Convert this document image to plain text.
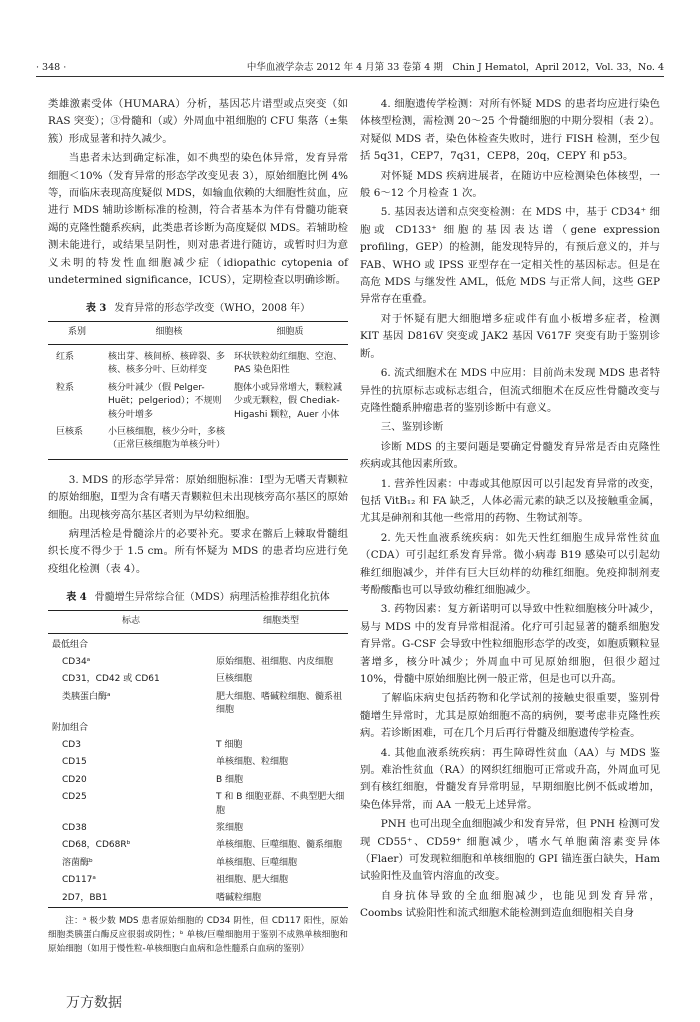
· 348 ·	中华血液学杂志 2012 年 4 月第 33 卷第 4 期　Chin J Hematol，April 2012，Vol. 33，No. 4

类雄激素受体（HUMARA）分析，基因芯片谱型或点突变（如 RAS 突变）；③骨髓和（或）外周血中祖细胞的 CFU 集落（±集簇）形成显著和持久减少。

当患者未达到确定标准，如不典型的染色体异常，发育异常细胞＜10%（发育异常的形态学改变见表 3），原始细胞比例 4% 等，而临床表现高度疑似 MDS，如输血依赖的大细胞性贫血，应进行 MDS 辅助诊断标准的检测，符合者基本为伴有骨髓功能衰竭的克隆性髓系疾病，此类患者诊断为高度疑似 MDS。若辅助检测未能进行，或结果呈阴性，则对患者进行随访，或暂时归为意义未明的特发性血细胞减少症（idiopathic cytopenia of undetermined significance，ICUS），定期检查以明确诊断。

表 3 发育异常的形态学改变（WHO，2008 年）
系别	细胞核	细胞质
红系	核出芽、核间桥、核碎裂、多核、核多分叶、巨幼样变	环状铁粒幼红细胞、空泡、PAS 染色阳性
粒系	核分叶减少（假 Pelger-Huët；pelgeriod）；不规则核分叶增多	胞体小或异常增大，颗粒减少或无颗粒，假 Chediak-Higashi 颗粒，Auer 小体
巨核系	小巨核细胞，核少分叶，多核（正常巨核细胞为单核分叶）	

3. MDS 的形态学异常：原始细胞标准：Ⅰ型为无嗜天青颗粒的原始细胞，Ⅱ型为含有嗜天青颗粒但未出现核旁高尔基区的原始细胞。出现核旁高尔基区者则为早幼粒细胞。

病理活检是骨髓涂片的必要补充。要求在髂后上棘取骨髓组织长度不得少于 1.5 cm。所有怀疑为 MDS 的患者均应进行免疫组化检测（表 4）。

表 4 骨髓增生异常综合征（MDS）病理活检推荐组化抗体
标志	细胞类型
最低组合	
CD34ᵃ	原始细胞、祖细胞、内皮细胞
CD31，CD42 或 CD61	巨核细胞
类胰蛋白酶ᵃ	肥大细胞、嗜碱粒细胞、髓系祖细胞
附加组合	
CD3	T 细胞
CD15	单核细胞、粒细胞
CD20	B 细胞
CD25	T 和 B 细胞亚群、不典型肥大细胞
CD38	浆细胞
CD68，CD68Rᵇ	单核细胞、巨噬细胞、髓系细胞
溶菌酶ᵇ	单核细胞、巨噬细胞
CD117ᵃ	祖细胞、肥大细胞
2D7，BB1	嗜碱粒细胞

注：ᵃ 极少数 MDS 患者原始细胞的 CD34 阴性，但 CD117 阳性，原始细胞类胰蛋白酶反应很弱或阴性；ᵇ 单核/巨噬细胞用于鉴别不成熟单核细胞和原始细胞（如用于慢性粒-单核细胞白血病和急性髓系白血病的鉴别）

4. 细胞遗传学检测：对所有怀疑 MDS 的患者均应进行染色体核型检测，需检测 20～25 个骨髓细胞的中期分裂相（表 2）。对疑似 MDS 者，染色体检查失败时，进行 FISH 检测，至少包括 5q31，CEP7，7q31，CEP8，20q，CEPY 和 p53。

对怀疑 MDS 疾病进展者，在随访中应检测染色体核型，一般 6～12 个月检查 1 次。

5. 基因表达谱和点突变检测：在 MDS 中，基于 CD34⁺ 细胞或 CD133⁺ 细胞的基因表达谱（gene expression profiling，GEP）的检测，能发现特异的，有预后意义的，并与 FAB、WHO 或 IPSS 亚型存在一定相关性的基因标志。但是在高危 MDS 与继发性 AML，低危 MDS 与正常人间，这些 GEP 异常存在重叠。

对于怀疑有肥大细胞增多症或伴有血小板增多症者，检测 KIT 基因 D816V 突变或 JAK2 基因 V617F 突变有助于鉴别诊断。

6. 流式细胞术在 MDS 中应用：目前尚未发现 MDS 患者特异性的抗原标志或标志组合，但流式细胞术在反应性骨髓改变与克隆性髓系肿瘤患者的鉴别诊断中有意义。

三、鉴别诊断

诊断 MDS 的主要问题是要确定骨髓发育异常是否由克隆性疾病或其他因素所致。

1. 营养性因素：中毒或其他原因可以引起发育异常的改变，包括 VitB₁₂ 和 FA 缺乏，人体必需元素的缺乏以及接触重金属，尤其是砷剂和其他一些常用的药物、生物试剂等。

2. 先天性血液系统疾病：如先天性红细胞生成异常性贫血（CDA）可引起红系发育异常。微小病毒 B19 感染可以引起幼稚红细胞减少，并伴有巨大巨幼样的幼稚红细胞。免疫抑制剂麦考酚酸酯也可以导致幼稚红细胞减少。

3. 药物因素：复方新诺明可以导致中性粒细胞核分叶减少，易与 MDS 中的发育异常相混淆。化疗可引起显著的髓系细胞发育异常。G-CSF 会导致中性粒细胞形态学的改变，如胞质颗粒显著增多，核分叶减少；外周血中可见原始细胞，但很少超过 10%，骨髓中原始细胞比例一般正常，但是也可以升高。

了解临床病史包括药物和化学试剂的接触史很重要，鉴别骨髓增生异常时，尤其是原始细胞不高的病例，要考虑非克隆性疾病。若诊断困难，可在几个月后再行骨髓及细胞遗传学检查。

4. 其他血液系统疾病：再生障碍性贫血（AA）与 MDS 鉴别。难治性贫血（RA）的网织红细胞可正常或升高，外周血可见到有核红细胞，骨髓发育异常明显，早期细胞比例不低或增加，染色体异常，而 AA 一般无上述异常。

PNH 也可出现全血细胞减少和发育异常，但 PNH 检测可发现 CD55⁺、CD59⁺ 细胞减少，嗜水气单胞菌溶素变异体（Flaer）可发现粒细胞和单核细胞的 GPI 锚连蛋白缺失，Ham 试验阳性及血管内溶血的改变。

自身抗体导致的全血细胞减少，也能见到发育异常，Coombs 试验阳性和流式细胞术能检测到造血细胞相关自身

万方数据
